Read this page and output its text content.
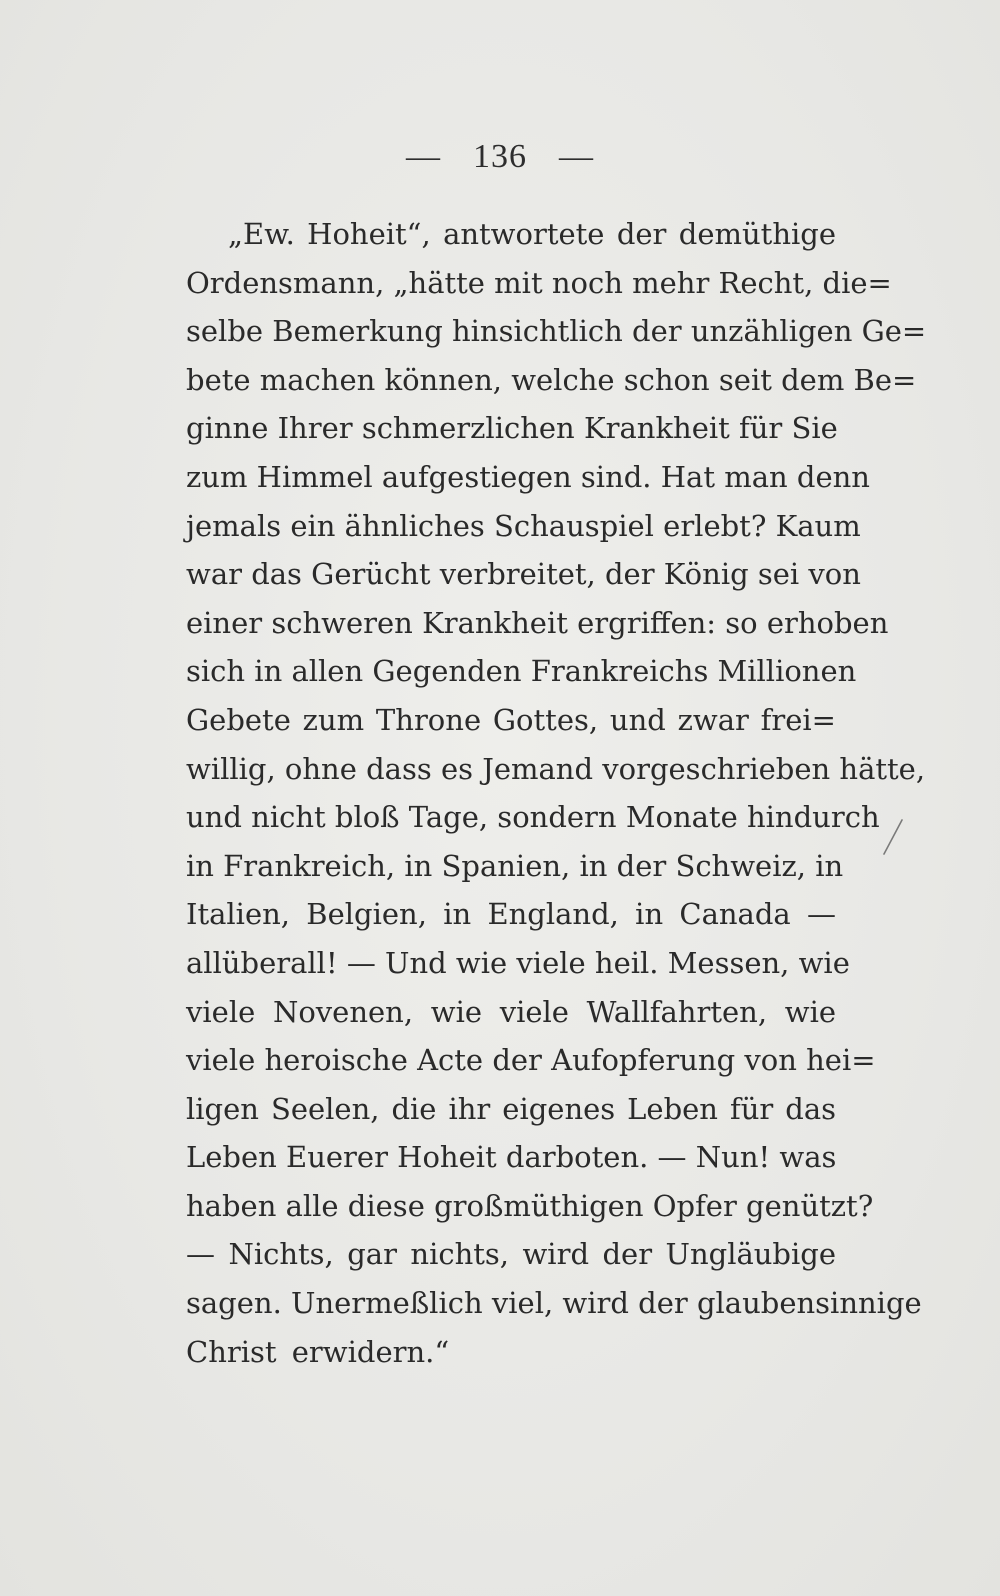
— 136 —
„Ew. Hoheit“, antwortete der demüthige
Ordensmann, „hätte mit noch mehr Recht, die=
selbe Bemerkung hinsichtlich der unzähligen Ge=
bete machen können, welche schon seit dem Be=
ginne Ihrer schmerzlichen Krankheit für Sie
zum Himmel aufgestiegen sind. Hat man denn
jemals ein ähnliches Schauspiel erlebt? Kaum
war das Gerücht verbreitet, der König sei von
einer schweren Krankheit ergriffen: so erhoben
sich in allen Gegenden Frankreichs Millionen
Gebete zum Throne Gottes, und zwar frei=
willig, ohne dass es Jemand vorgeschrieben hätte,
und nicht bloß Tage, sondern Monate hindurch
in Frankreich, in Spanien, in der Schweiz, in
Italien, Belgien, in England, in Canada —
allüberall! — Und wie viele heil. Messen, wie
viele Novenen, wie viele Wallfahrten, wie
viele heroische Acte der Aufopferung von hei=
ligen Seelen, die ihr eigenes Leben für das
Leben Euerer Hoheit darboten. — Nun! was
haben alle diese großmüthigen Opfer genützt?
— Nichts, gar nichts, wird der Ungläubige
sagen. Unermeßlich viel, wird der glaubensinnige
Christ erwidern.“
